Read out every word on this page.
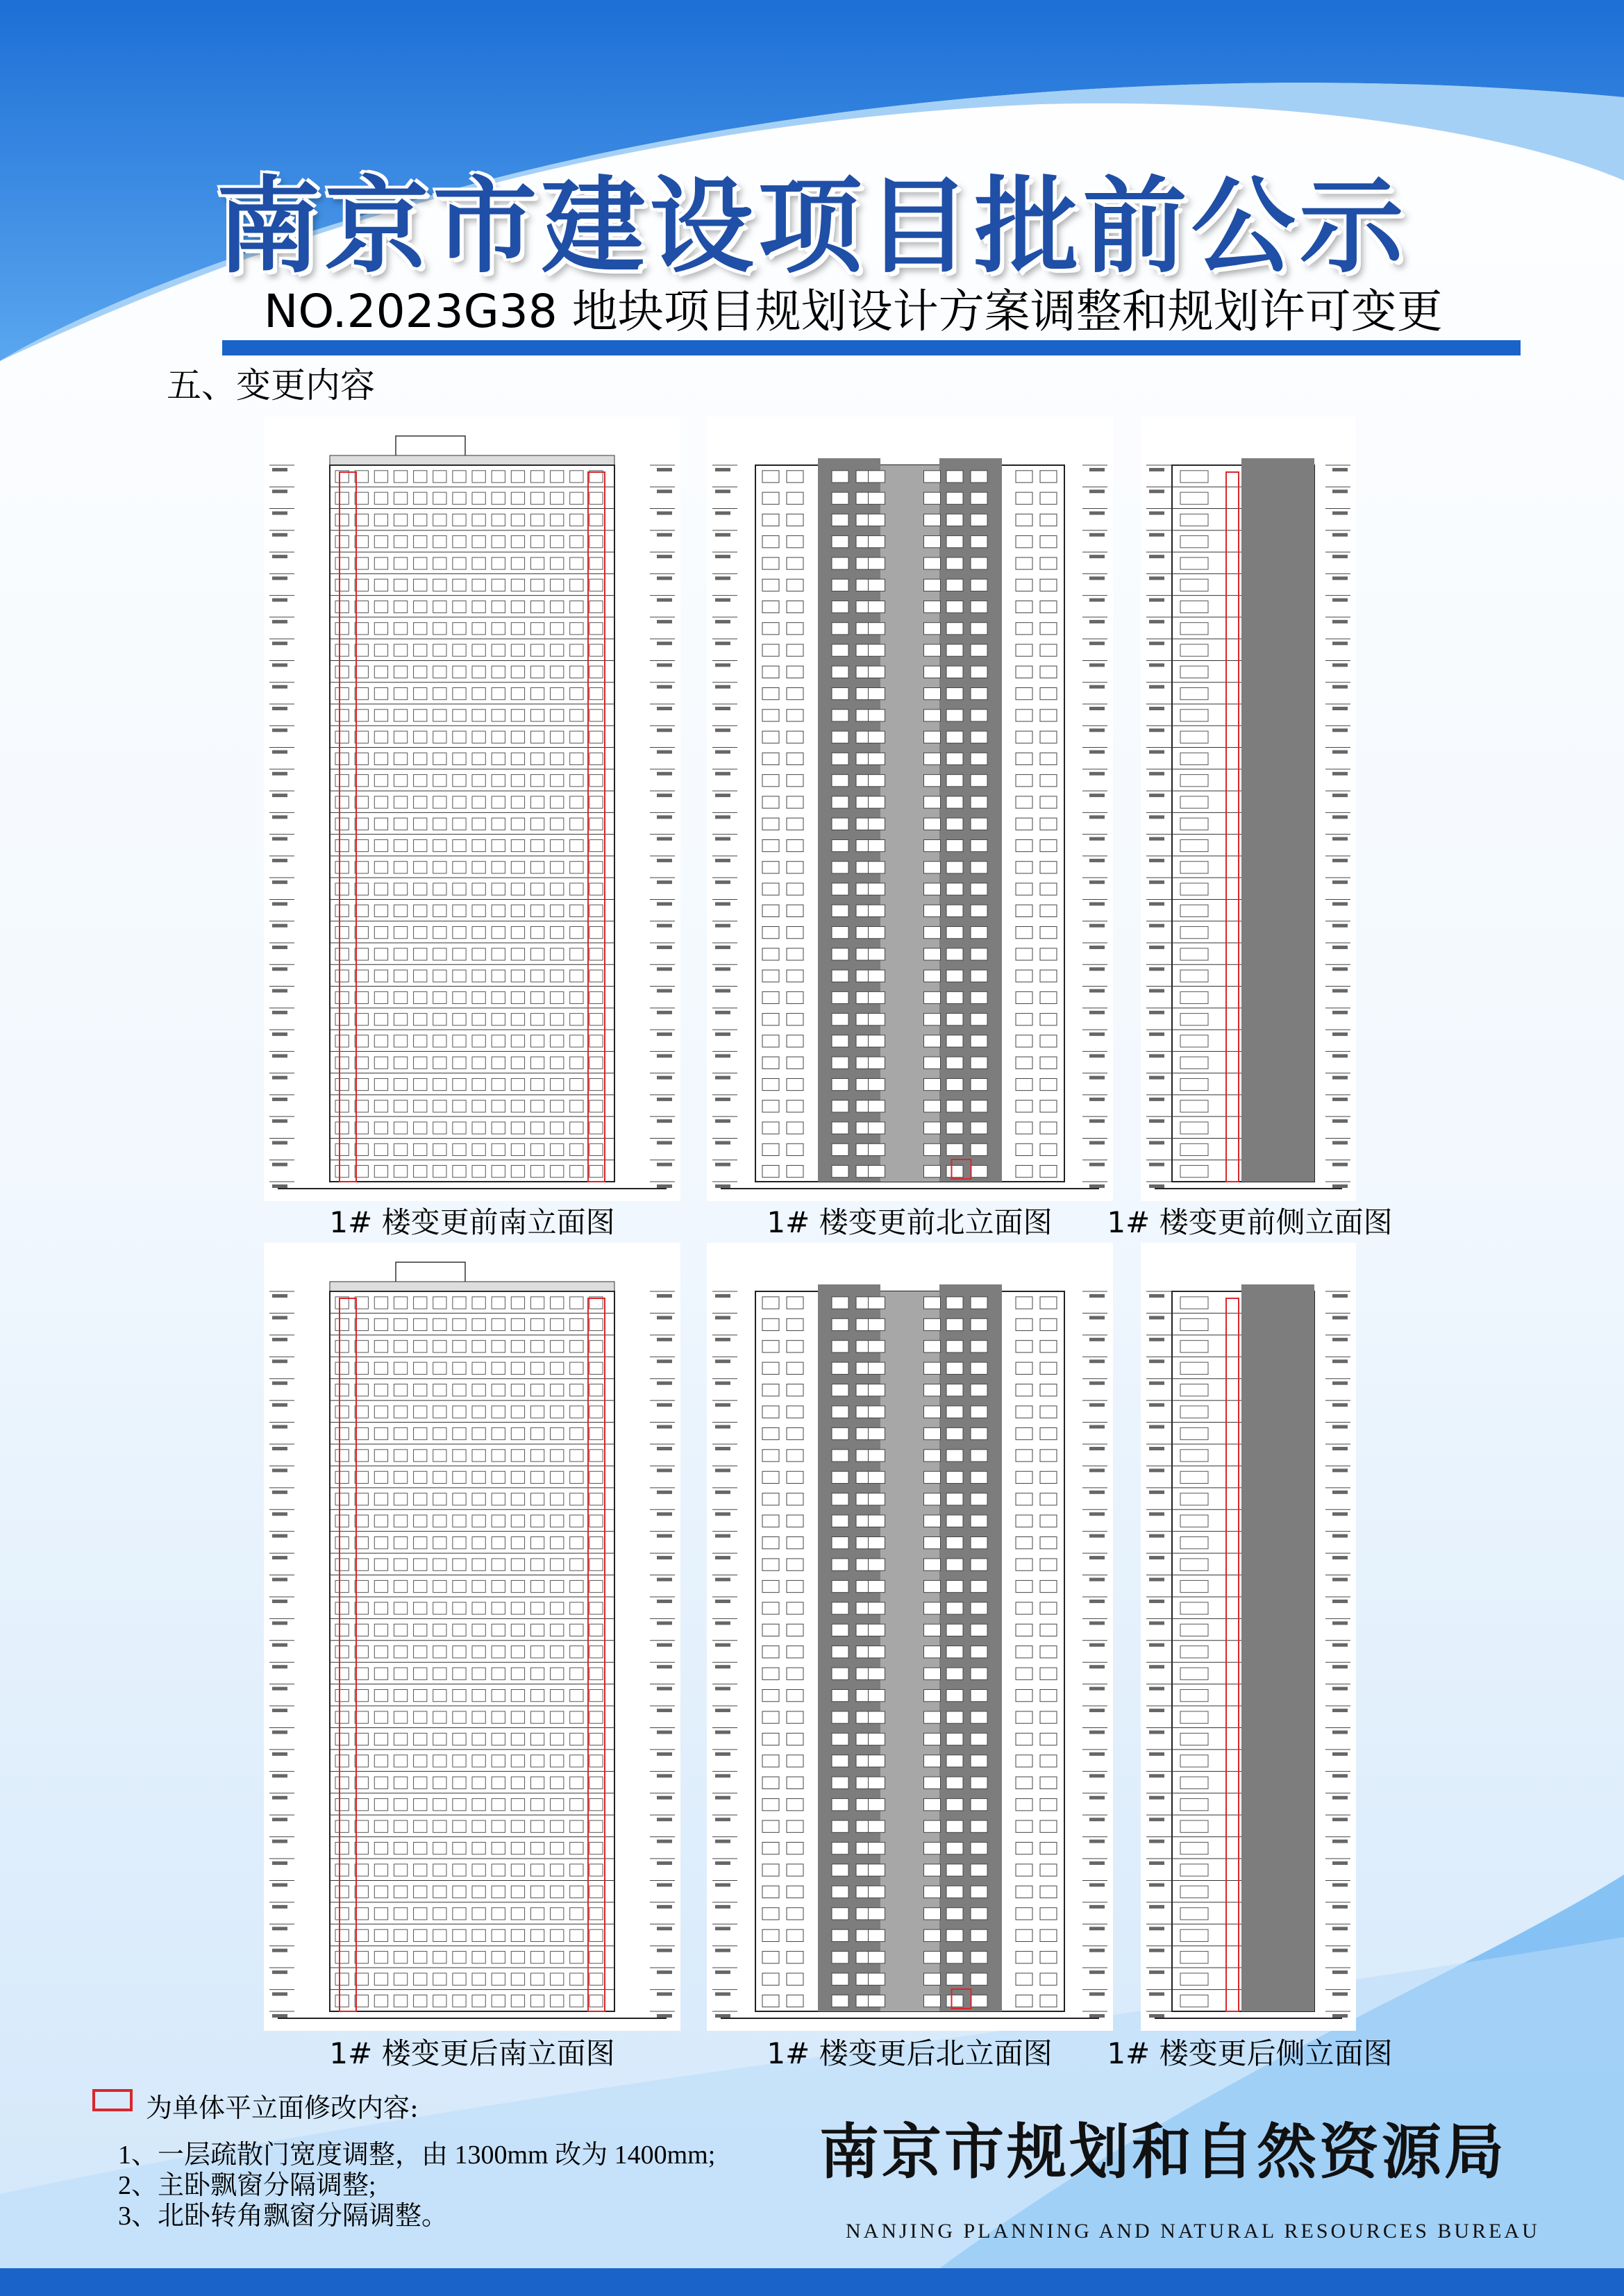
南京市建设项目批前公示
NO.2023G38 地块项目规划设计方案调整和规划许可变更
五、变更内容
1# 楼变更前南立面图	1# 楼变更前北立面图	1# 楼变更前侧立面图
1# 楼变更后南立面图	1# 楼变更后北立面图	1# 楼变更后侧立面图
为单体平立面修改内容:
1、一层疏散门宽度调整，由 1300mm 改为 1400mm;
2、主卧飘窗分隔调整;
3、北卧转角飘窗分隔调整。
南京市规划和自然资源局
NANJING PLANNING AND NATURAL RESOURCES BUREAU
